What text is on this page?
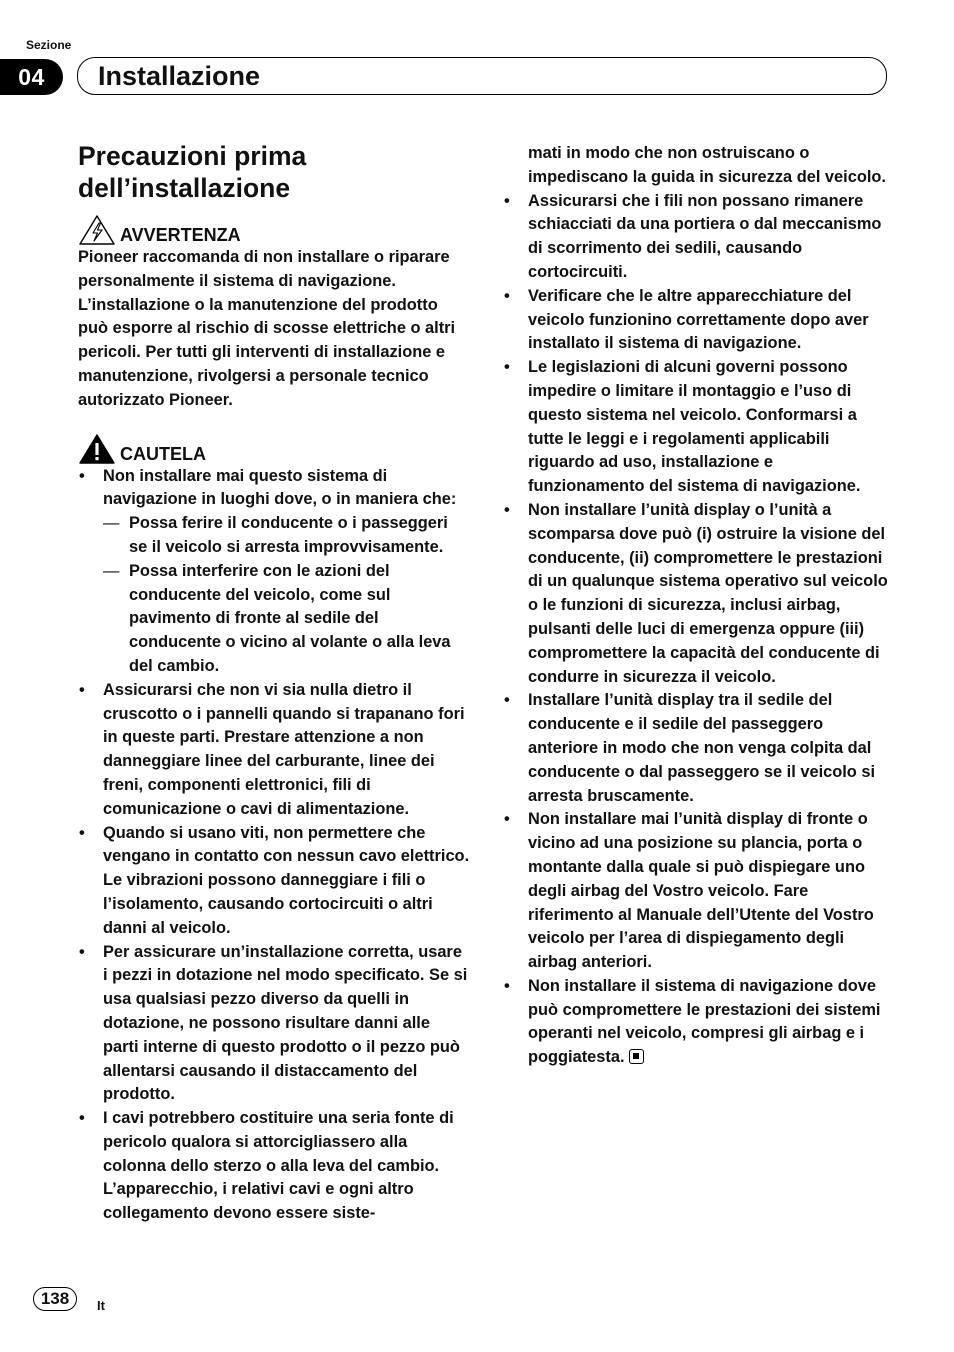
Sezione
04	Installazione
Precauzioni prima dell’installazione
AVVERTENZA

Pioneer raccomanda di non installare o riparare personalmente il sistema di navigazione. L’installazione o la manutenzione del prodotto può esporre al rischio di scosse elettriche o altri pericoli. Per tutti gli interventi di installazione e manutenzione, rivolgersi a personale tecnico autorizzato Pioneer.

CAUTELA
• Non installare mai questo sistema di navigazione in luoghi dove, o in maniera che:
— Possa ferire il conducente o i passeggeri se il veicolo si arresta improvvisamente.
— Possa interferire con le azioni del conducente del veicolo, come sul pavimento di fronte al sedile del conducente o vicino al volante o alla leva del cambio.
• Assicurarsi che non vi sia nulla dietro il cruscotto o i pannelli quando si trapanano fori in queste parti. Prestare attenzione a non danneggiare linee del carburante, linee dei freni, componenti elettronici, fili di comunicazione o cavi di alimentazione.
• Quando si usano viti, non permettere che vengano in contatto con nessun cavo elettrico. Le vibrazioni possono danneggiare i fili o l’isolamento, causando cortocircuiti o altri danni al veicolo.
• Per assicurare un’installazione corretta, usare i pezzi in dotazione nel modo specificato. Se si usa qualsiasi pezzo diverso da quelli in dotazione, ne possono risultare danni alle parti interne di questo prodotto o il pezzo può allentarsi causando il distaccamento del prodotto.
• I cavi potrebbero costituire una seria fonte di pericolo qualora si attorcigliassero alla colonna dello sterzo o alla leva del cambio. L’apparecchio, i relativi cavi e ogni altro collegamento devono essere siste-

mati in modo che non ostruiscano o impediscano la guida in sicurezza del veicolo.

• Assicurarsi che i fili non possano rimanere schiacciati da una portiera o dal meccanismo di scorrimento dei sedili, causando cortocircuiti.
• Verificare che le altre apparecchiature del veicolo funzionino correttamente dopo aver installato il sistema di navigazione.
• Le legislazioni di alcuni governi possono impedire o limitare il montaggio e l’uso di questo sistema nel veicolo. Conformarsi a tutte le leggi e i regolamenti applicabili riguardo ad uso, installazione e funzionamento del sistema di navigazione.
• Non installare l’unità display o l’unità a scomparsa dove può (i) ostruire la visione del conducente, (ii) compromettere le prestazioni di un qualunque sistema operativo sul veicolo o le funzioni di sicurezza, inclusi airbag, pulsanti delle luci di emergenza oppure (iii) compromettere la capacità del conducente di condurre in sicurezza il veicolo.
• Installare l’unità display tra il sedile del conducente e il sedile del passeggero anteriore in modo che non venga colpita dal conducente o dal passeggero se il veicolo si arresta bruscamente.
• Non installare mai l’unità display di fronte o vicino ad una posizione su plancia, porta o montante dalla quale si può dispiegare uno degli airbag del Vostro veicolo. Fare riferimento al Manuale dell’Utente del Vostro veicolo per l’area di dispiegamento degli airbag anteriori.
• Non installare il sistema di navigazione dove può compromettere le prestazioni dei sistemi operanti nel veicolo, compresi gli airbag e i poggiatesta.
138	It
